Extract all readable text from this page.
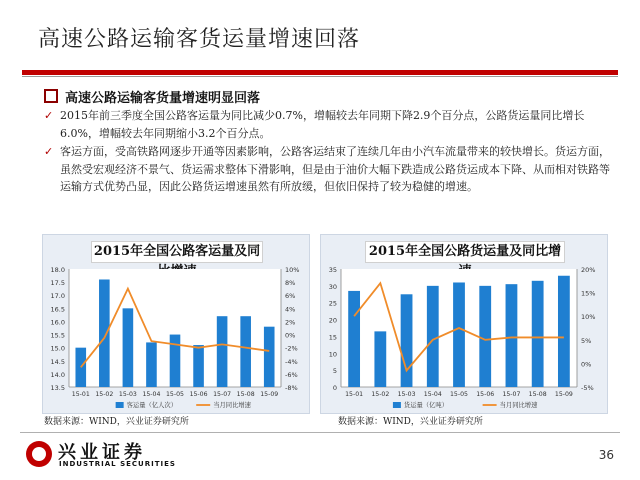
高速公路运输客货运量增速回落
高速公路运输客货量增速明显回落
✓ 2015年前三季度全国公路客运量为同比减少0.7%，增幅较去年同期下降2.9个百分点，公路货运量同比增长6.0%，增幅较去年同期缩小3.2个百分点。
✓ 客运方面，受高铁路网逐步开通等因素影响，公路客运结束了连续几年由小汽车流量带来的较快增长。货运方面，虽然受宏观经济不景气、货运需求整体下滑影响，但是由于油价大幅下跌造成公路货运成本下降、从而相对铁路等运输方式优势凸显，因此公路货运增速虽然有所放缓，但依旧保持了较为稳健的增速。
2015年全国公路客运量及同
13.5
14.0
14.5
15.0
15.5
16.0
16.5
17.0
17.5
18.0
-8%
-6%
-4%
-2%
0%
2%
4%
6%
8%
10%
15-01 15-02 15-03 15-04 15-05 15-06 15-07 15-08 15-09
客运量（亿人次）	当月同比增速
数据来源：WIND，兴业证券研究所
2015年全国公路货运量及同比增
0
5
10
15
20
25
30
35
-5%
0%
5%
10%
15%
20%
15-01 15-02 15-03 15-04 15-05 15-06 15-07 15-08 15-09
货运量（亿吨）	当月同比增速
数据来源：WIND，兴业证券研究所
兴业证券
INDUSTRIAL SECURITIES
36
